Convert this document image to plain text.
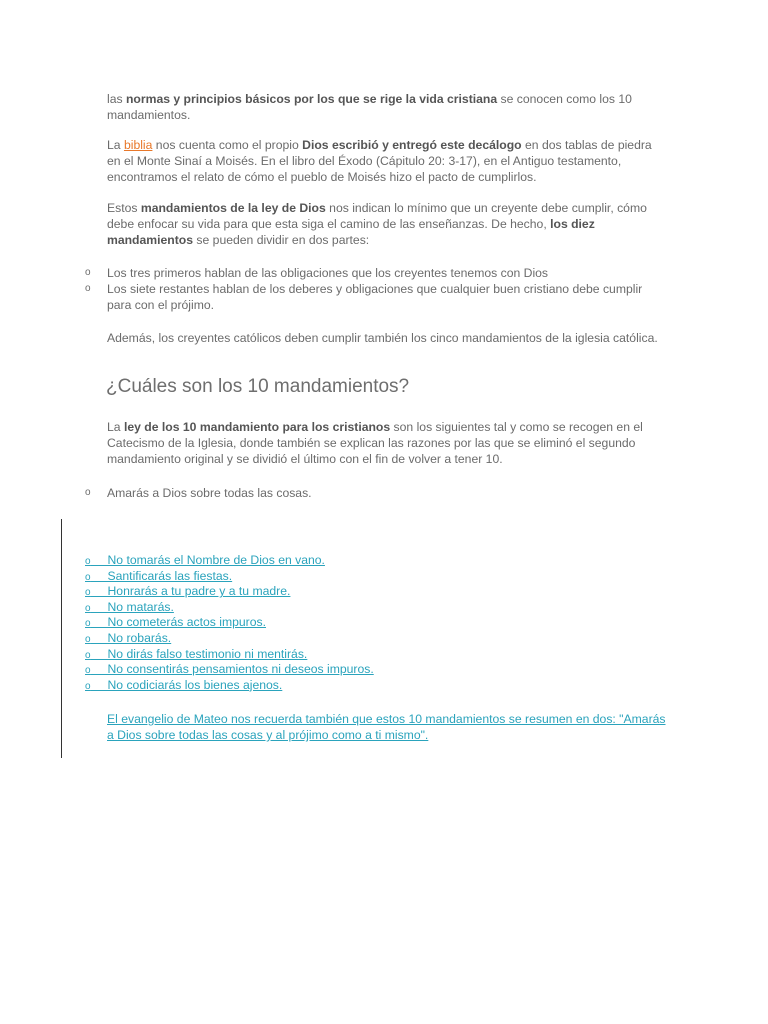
las normas y principios básicos por los que se rige la vida cristiana se conocen como los 10 mandamientos.
La biblia nos cuenta como el propio Dios escribió y entregó este decálogo en dos tablas de piedra en el Monte Sinaí a Moisés. En el libro del Éxodo (Cápitulo 20: 3-17), en el Antiguo testamento, encontramos el relato de cómo el pueblo de Moisés hizo el pacto de cumplirlos.
Estos mandamientos de la ley de Dios nos indican lo mínimo que un creyente debe cumplir, cómo debe enfocar su vida para que esta siga el camino de las enseñanzas. De hecho, los diez mandamientos se pueden dividir en dos partes:
o Los tres primeros hablan de las obligaciones que los creyentes tenemos con Dios
o Los siete restantes hablan de los deberes y obligaciones que cualquier buen cristiano debe cumplir para con el prójimo.
Además, los creyentes católicos deben cumplir también los cinco mandamientos de la iglesia católica.
¿Cuáles son los 10 mandamientos?
La ley de los 10 mandamiento para los cristianos son los siguientes tal y como se recogen en el Catecismo de la Iglesia, donde también se explican las razones por las que se eliminó el segundo mandamiento original y se dividió el último con el fin de volver a tener 10.
o Amarás a Dios sobre todas las cosas.
o No tomarás el Nombre de Dios en vano.
o Santificarás las fiestas.
o Honrarás a tu padre y a tu madre.
o No matarás.
o No cometerás actos impuros.
o No robarás.
o No dirás falso testimonio ni mentirás.
o No consentirás pensamientos ni deseos impuros.
o No codiciarás los bienes ajenos.
El evangelio de Mateo nos recuerda también que estos 10 mandamientos se resumen en dos: "Amarás a Dios sobre todas las cosas y al prójimo como a ti mismo".
